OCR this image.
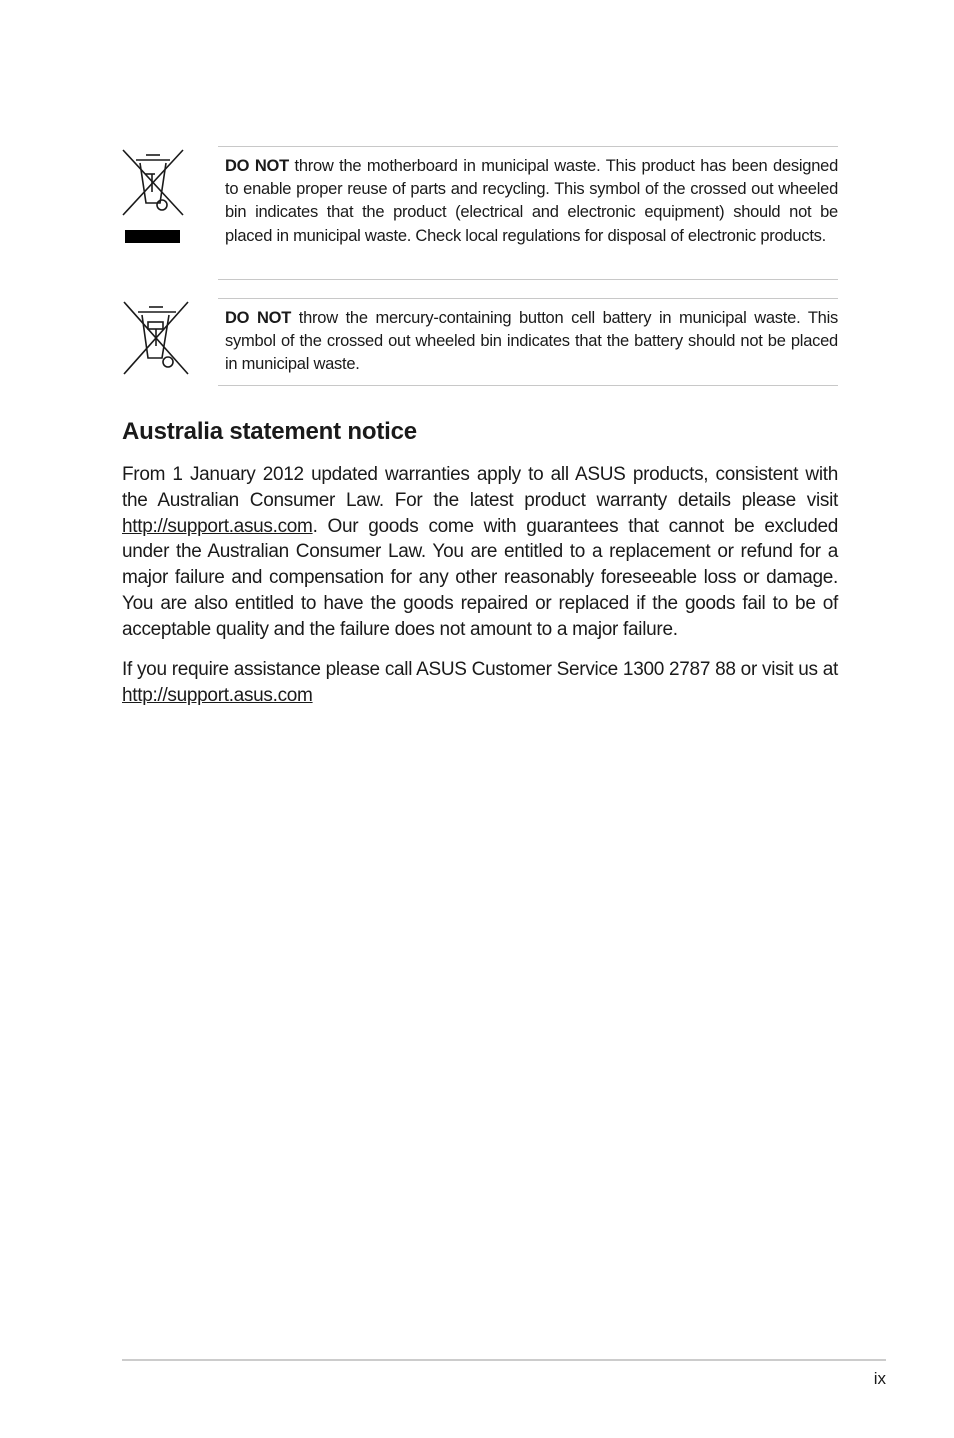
DO NOT throw the motherboard in municipal waste. This product has been designed to enable proper reuse of parts and recycling. This symbol of the crossed out wheeled bin indicates that the product (electrical and electronic equipment) should not be placed in municipal waste. Check local regulations for disposal of electronic products.
DO NOT throw the mercury-containing button cell battery in municipal waste. This symbol of the crossed out wheeled bin indicates that the battery should not be placed in municipal waste.
Australia statement notice

From 1 January 2012 updated warranties apply to all ASUS products, consistent with the Australian Consumer Law. For the latest product warranty details please visit http://support.asus.com. Our goods come with guarantees that cannot be excluded under the Australian Consumer Law. You are entitled to a replacement or refund for a major failure and compensation for any other reasonably foreseeable loss or damage. You are also entitled to have the goods repaired or replaced if the goods fail to be of acceptable quality and the failure does not amount to a major failure.

If you require assistance please call ASUS Customer Service 1300 2787 88 or visit us at http://support.asus.com

ix
